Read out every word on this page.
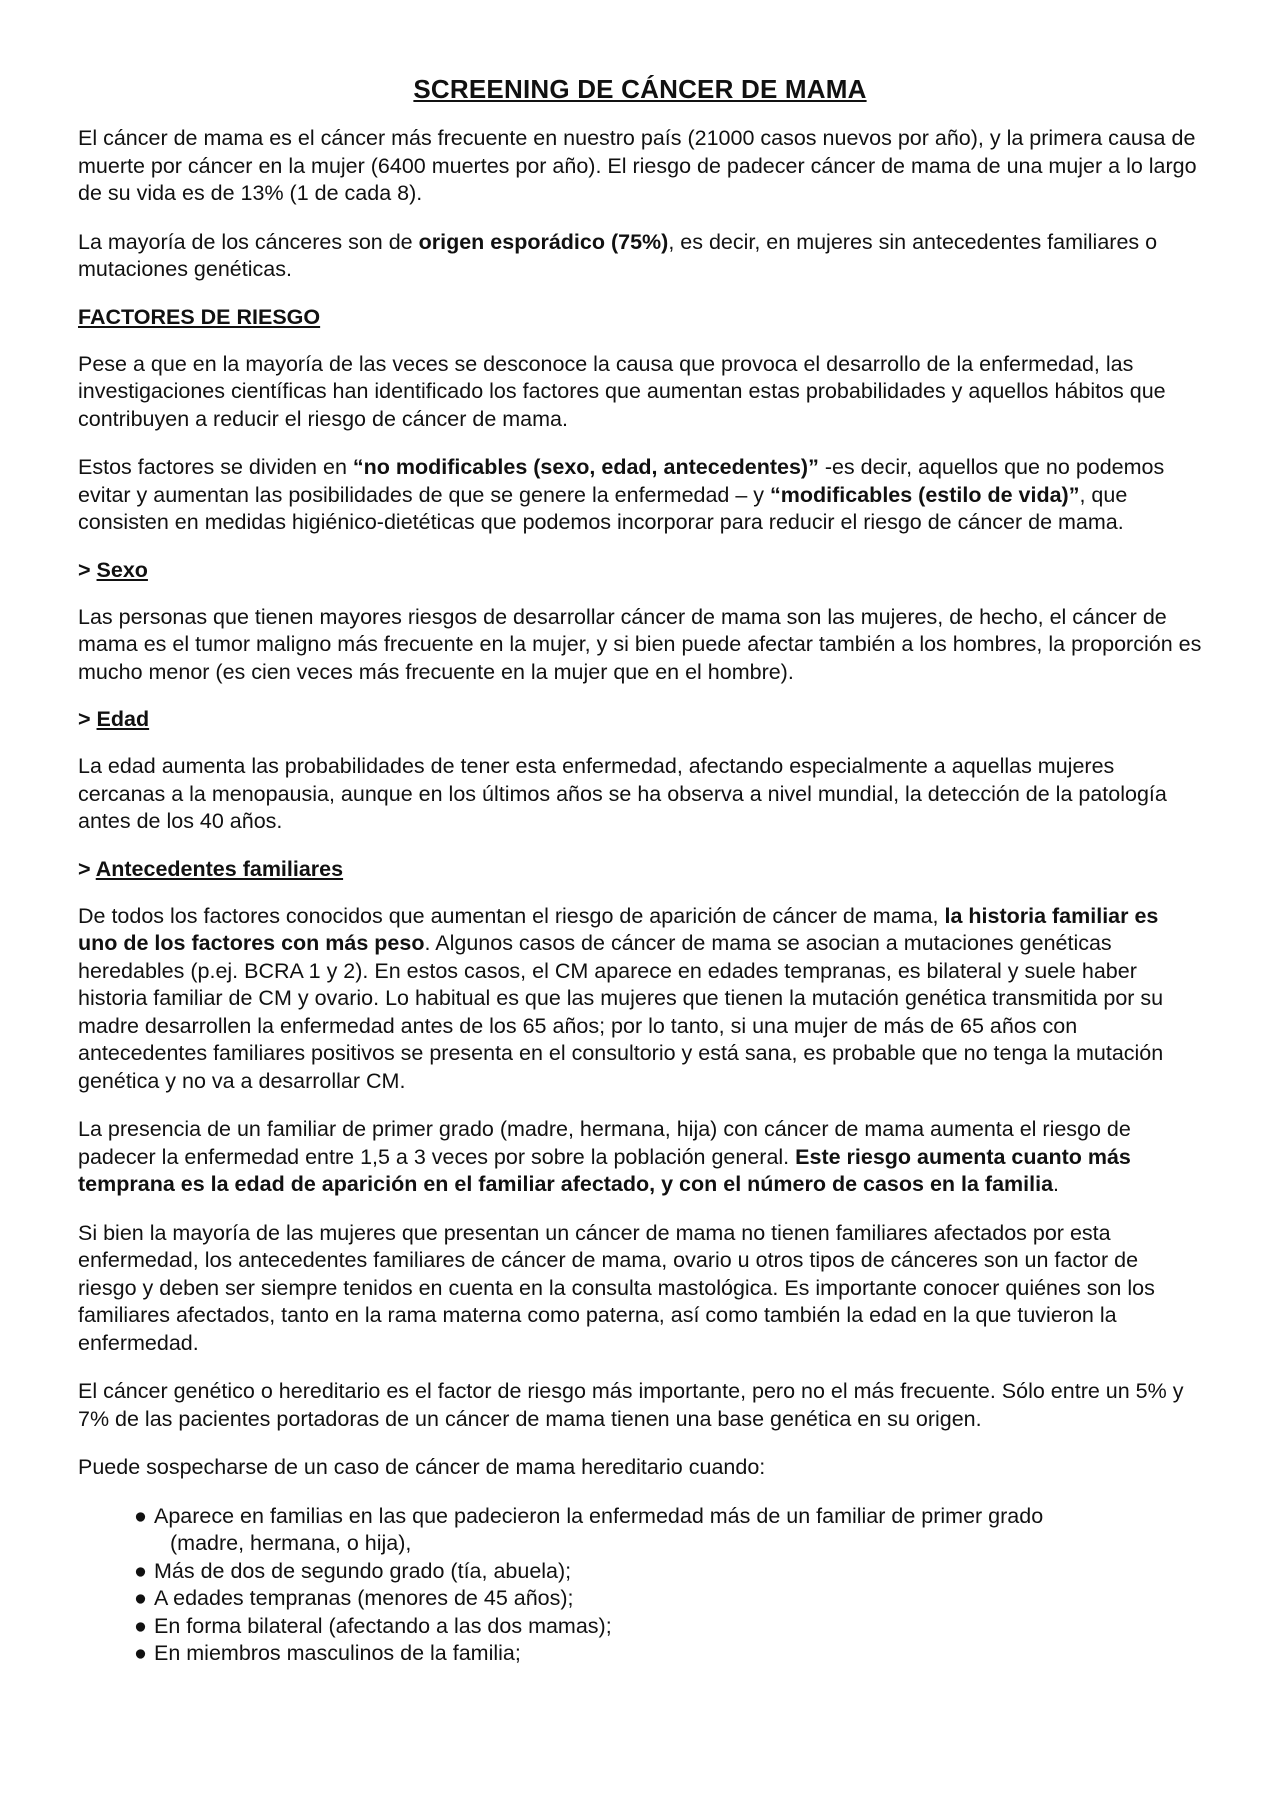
SCREENING DE CÁNCER DE MAMA

El cáncer de mama es el cáncer más frecuente en nuestro país (21000 casos nuevos por año), y la primera causa de muerte por cáncer en la mujer (6400 muertes por año). El riesgo de padecer cáncer de mama de una mujer a lo largo de su vida es de 13% (1 de cada 8).

La mayoría de los cánceres son de origen esporádico (75%), es decir, en mujeres sin antecedentes familiares o mutaciones genéticas.

FACTORES DE RIESGO

Pese a que en la mayoría de las veces se desconoce la causa que provoca el desarrollo de la enfermedad, las investigaciones científicas han identificado los factores que aumentan estas probabilidades y aquellos hábitos que contribuyen a reducir el riesgo de cáncer de mama.

Estos factores se dividen en “no modificables (sexo, edad, antecedentes)” -es decir, aquellos que no podemos evitar y aumentan las posibilidades de que se genere la enfermedad – y “modificables (estilo de vida)”, que consisten en medidas higiénico-dietéticas que podemos incorporar para reducir el riesgo de cáncer de mama.

> Sexo

Las personas que tienen mayores riesgos de desarrollar cáncer de mama son las mujeres, de hecho, el cáncer de mama es el tumor maligno más frecuente en la mujer, y si bien puede afectar también a los hombres, la proporción es mucho menor (es cien veces más frecuente en la mujer que en el hombre).

> Edad

La edad aumenta las probabilidades de tener esta enfermedad, afectando especialmente a aquellas mujeres cercanas a la menopausia, aunque en los últimos años se ha observa a nivel mundial, la detección de la patología antes de los 40 años.

> Antecedentes familiares

De todos los factores conocidos que aumentan el riesgo de aparición de cáncer de mama, la historia familiar es uno de los factores con más peso. Algunos casos de cáncer de mama se asocian a mutaciones genéticas heredables (p.ej. BCRA 1 y 2). En estos casos, el CM aparece en edades tempranas, es bilateral y suele haber historia familiar de CM y ovario. Lo habitual es que las mujeres que tienen la mutación genética transmitida por su madre desarrollen la enfermedad antes de los 65 años; por lo tanto, si una mujer de más de 65 años con antecedentes familiares positivos se presenta en el consultorio y está sana, es probable que no tenga la mutación genética y no va a desarrollar CM.

La presencia de un familiar de primer grado (madre, hermana, hija) con cáncer de mama aumenta el riesgo de padecer la enfermedad entre 1,5 a 3 veces por sobre la población general. Este riesgo aumenta cuanto más temprana es la edad de aparición en el familiar afectado, y con el número de casos en la familia.

Si bien la mayoría de las mujeres que presentan un cáncer de mama no tienen familiares afectados por esta enfermedad, los antecedentes familiares de cáncer de mama, ovario u otros tipos de cánceres son un factor de riesgo y deben ser siempre tenidos en cuenta en la consulta mastológica. Es importante conocer quiénes son los familiares afectados, tanto en la rama materna como paterna, así como también la edad en la que tuvieron la enfermedad.

El cáncer genético o hereditario es el factor de riesgo más importante, pero no el más frecuente. Sólo entre un 5% y 7% de las pacientes portadoras de un cáncer de mama tienen una base genética en su origen.

Puede sospecharse de un caso de cáncer de mama hereditario cuando:

● Aparece en familias en las que padecieron la enfermedad más de un familiar de primer grado
(madre, hermana, o hija),
● Más de dos de segundo grado (tía, abuela);
● A edades tempranas (menores de 45 años);
● En forma bilateral (afectando a las dos mamas);
● En miembros masculinos de la familia;
